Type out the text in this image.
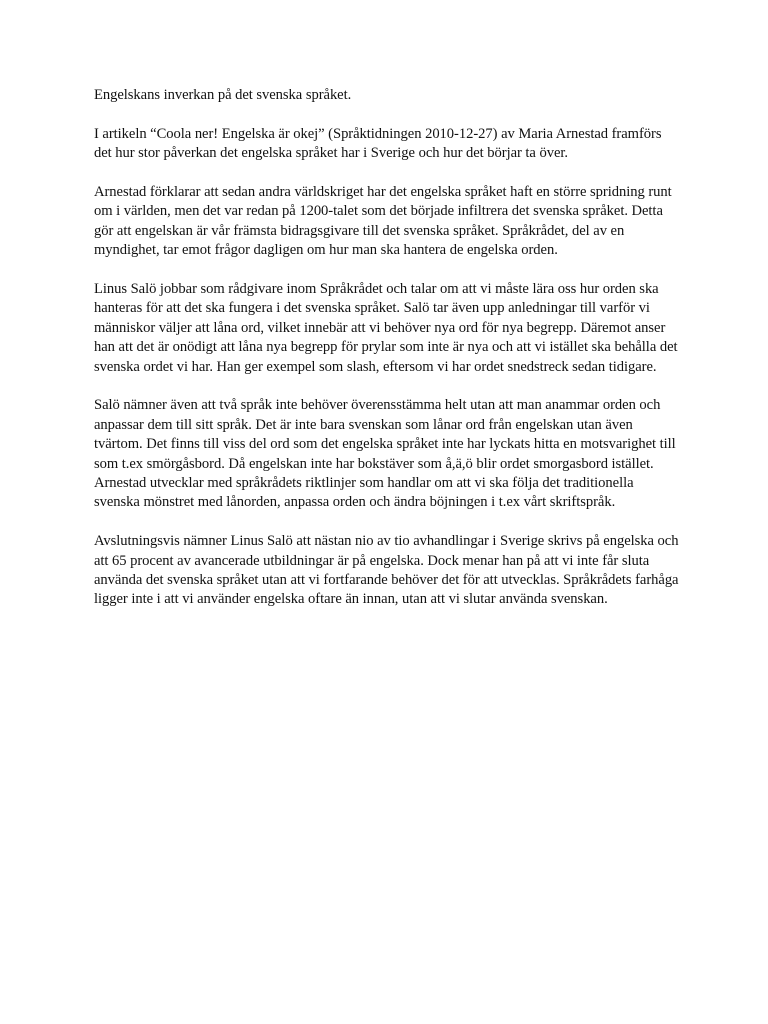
Engelskans inverkan på det svenska språket.

I artikeln “Coola ner! Engelska är okej” (Språktidningen 2010-12-27) av Maria Arnestad framförs det hur stor påverkan det engelska språket har i Sverige och hur det börjar ta över.

Arnestad förklarar att sedan andra världskriget har det engelska språket haft en större spridning runt om i världen, men det var redan på 1200-talet som det började infiltrera det svenska språket. Detta gör att engelskan är vår främsta bidragsgivare till det svenska språket. Språkrådet, del av en myndighet, tar emot frågor dagligen om hur man ska hantera de engelska orden.

Linus Salö jobbar som rådgivare inom Språkrådet och talar om att vi måste lära oss hur orden ska hanteras för att det ska fungera i det svenska språket. Salö tar även upp anledningar till varför vi människor väljer att låna ord, vilket innebär att vi behöver nya ord för nya begrepp. Däremot anser han att det är onödigt att låna nya begrepp för prylar som inte är nya och att vi istället ska behålla det svenska ordet vi har. Han ger exempel som slash, eftersom vi har ordet snedstreck sedan tidigare.

Salö nämner även att två språk inte behöver överensstämma helt utan att man anammar orden och anpassar dem till sitt språk. Det är inte bara svenskan som lånar ord från engelskan utan även tvärtom. Det finns till viss del ord som det engelska språket inte har lyckats hitta en motsvarighet till som t.ex smörgåsbord. Då engelskan inte har bokstäver som å,ä,ö blir ordet smorgasbord istället. Arnestad utvecklar med språkrådets riktlinjer som handlar om att vi ska följa det traditionella svenska mönstret med lånorden, anpassa orden och ändra böjningen i t.ex vårt skriftspråk.

Avslutningsvis nämner Linus Salö att nästan nio av tio avhandlingar i Sverige skrivs på engelska och att 65 procent av avancerade utbildningar är på engelska. Dock menar han på att vi inte får sluta använda det svenska språket utan att vi fortfarande behöver det för att utvecklas. Språkrådets farhåga ligger inte i att vi använder engelska oftare än innan, utan att vi slutar använda svenskan.
